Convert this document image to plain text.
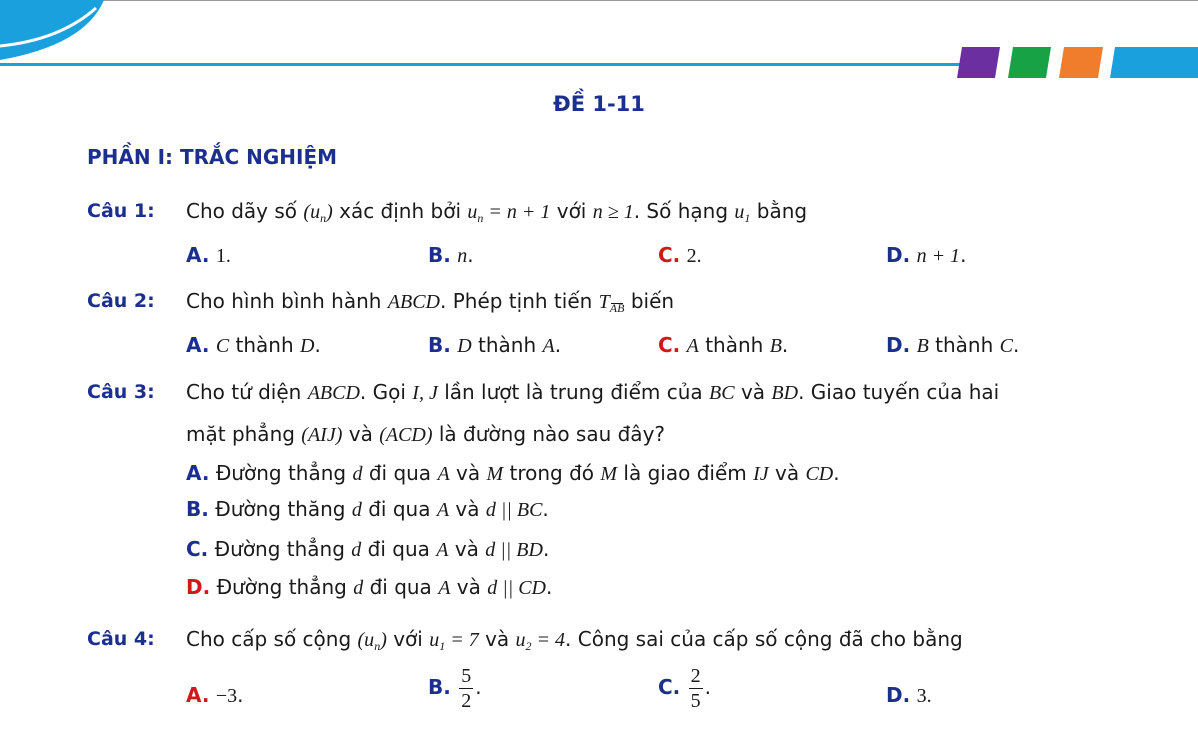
ĐỀ 1-11
PHẦN I: TRẮC NGHIỆM
Câu 1: Cho dãy số $(u_n)$ xác định bởi $u_n = n + 1$ với n ≥ 1. Số hạng $u_1$ bằng
A. 1.	B. n.	C. 2.	D. n + 1.
Câu 2: Cho hình bình hành ABCD. Phép tịnh tiến $T_{AB}$ biến
A. C thành D.	B. D thành A.	C. A thành B.	D. B thành C.
Câu 3: Cho tứ diện ABCD. Gọi I, J lần lượt là trung điểm của BC và BD. Giao tuyến của hai
mặt phẳng (AIJ) và (ACD) là đường nào sau đây?
A. Đường thẳng d đi qua A và M trong đó M là giao điểm IJ và CD.
B. Đường thăng d đi qua A và d || BC.
C. Đường thẳng d đi qua A và d || BD.
D. Đường thẳng d đi qua A và d || CD.
Câu 4: Cho cấp số cộng $(u_n)$ với $u_1 = 7$ và $u_2 = 4$. Công sai của cấp số cộng đã cho bằng
A. −3.	B. $\frac{5}{2}$ .	C. $\frac{2}{5}$ .	D. 3.
